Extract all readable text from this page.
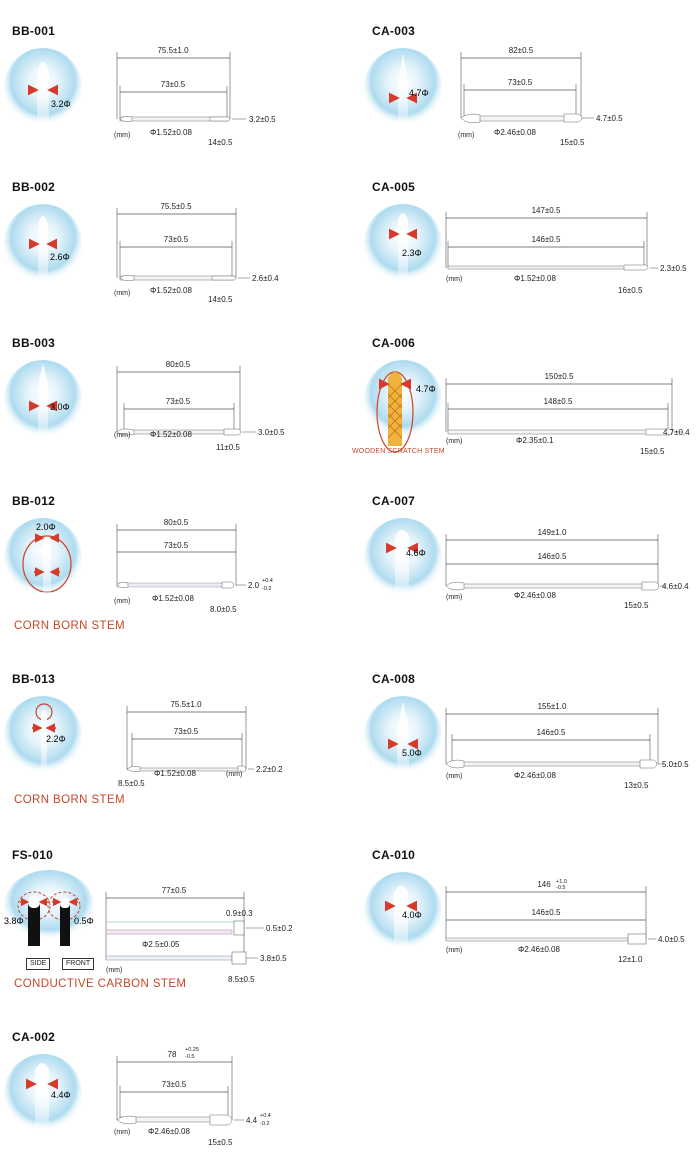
BB-001
3.2Φ
75.5±1.0
73±0.5
3.2±0.5
(mm) Φ1.52±0.08
14±0.5
CA-003
4.7Φ
82±0.5
73±0.5
4.7±0.5
(mm) Φ2.46±0.08
15±0.5
BB-002
2.6Φ
75.5±0.5
73±0.5
2.6±0.4
(mm) Φ1.52±0.08
14±0.5
CA-005
2.3Φ
147±0.5
146±0.5
2.3±0.5
(mm)	Φ1.52±0.08
16±0.5
BB-003
3.0Φ
80±0.5
73±0.5
3.0±0.5
(mm) Φ1.52±0.08
11±0.5
CA-006
4.7Φ
WOODEN SCRATCH STEM
150±0.5
148±0.5
4.7±0.4
(mm)	Φ2.35±0.1
15±0.5
BB-012
2.0Φ
CORN BORN STEM
80±0.5
73±0.5
2.0 +0.4
-0.2
(mm)	Φ1.52±0.08
8.0±0.5
CA-007
4.6Φ
149±1.0
146±0.5
4.6±0.4
(mm)	Φ2.46±0.08
15±0.5
BB-013
2.2Φ
CORN BORN STEM
75.5±1.0
73±0.5
2.2±0.2
(mm)
Φ1.52±0.08
8.5±0.5
CA-008
5.0Φ
155±1.0
146±0.5
5.0±0.5
(mm)	Φ2.46±0.08
13±0.5
FS-010
3.8Φ	0.5Φ
SIDE	FRONT
CONDUCTIVE CARBON STEM
77±0.5
0.9±0.3
0.5±0.2
Φ2.5±0.05
3.8±0.5
(mm)
8.5±0.5
CA-010
4.0Φ
146 +1.0
-0.5
146±0.5
4.0±0.5
(mm)	Φ2.46±0.08
12±1.0
CA-002
4.4Φ
78 +0.25
-0.5
73±0.5
4.4 +0.4
-0.2
(mm) Φ2.46±0.08
15±0.5
